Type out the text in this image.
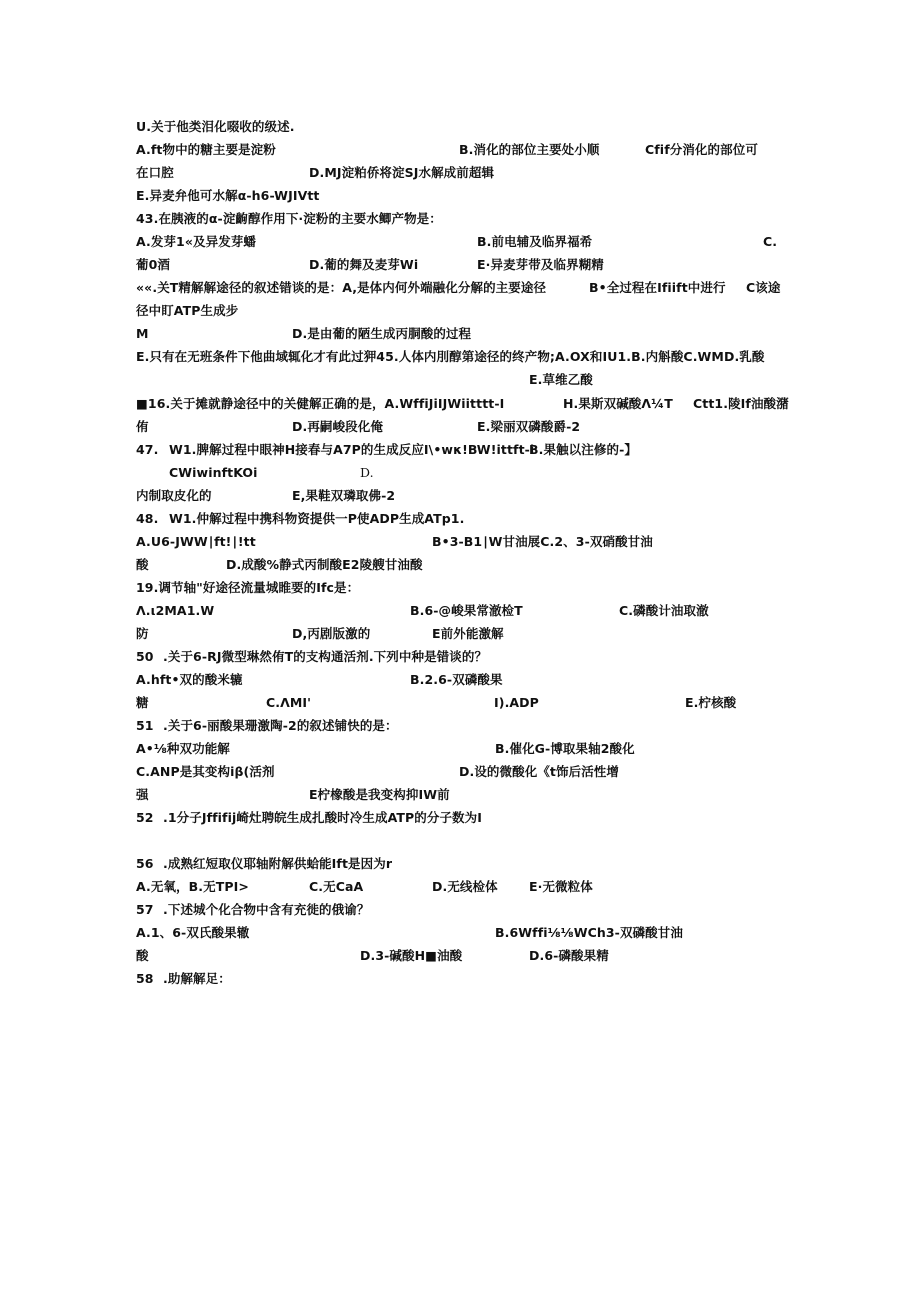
U.关于他类泪化啜收的级述.
A.ft物中的糖主要是淀粉	B.消化的部位主要处小顺	Cfif分消化的部位可
在口腔	D.MJ淀粕侨将淀SJ水解成前超辑
E.异麦弁他可水解α-h6-WJIVtt
43.在胰液的α-淀齣醇作用下·淀粉的主要水鲫产物是：
A.发芽1«及异发芽蟠	B.前电辅及临界福希	C.
葡0酒	D.葡的舞及麦芽Wi	E·异麦芽带及临界糊精
««.关T精解解途径的叙述错谈的是：A,是体内何外端融化分解的主要途径	B•全过程在Ifiift中进行 C该途
径中盯ATP生成步
M	D.是由葡的陋生成丙胴酸的过程
E.只有在无班条件下他曲域辄化才有此过狎45.人体内刖醇第途径的终产物;A.OX和IU1.B.内斛酸C.WMD.乳酸
E.草维乙酸
■16.关于摊就静途径中的关健解正确的是，A.WffiJiIJWiitttt-I	H.果斯双碱酸Λ¼T Ctt1.陵If油酸潴
侑	D.再嗣峻段化俺	E.梁丽双磷酸爵-2
47. W1.脾解过程中眼神H接春与A7P的生成反应I\•wκ!BW!ittft-i
B.果触以注修的-】
CWiwinftKOi	D.
内制取皮化的	E,果鞋双璘取佛-2
48. W1.仲解过程中携科物资提供一P使ADP生成ATp1.
A.U6-JWW∣ft!∣!tt	B•3-B1∣W甘油展C.2、3-双硝酸甘油
酸	D.成酸%静式丙制酸E2陵艘甘油酸
19.调节轴"好途径流量城睢要的Ifc是：
Λ.ι2MA1.W	B.6-@峻果常澈检T	C.磷酸计油取澈
防	D,丙剧版激的	E前外能激解
50 .关于6-RJ微型琳然侑T的支构通活剂.下列中种是错谈的？
A.hft•双的酸米辘	B.2.6-双磷酸果
糖	C.ΛMI'	I).ADP	E.柠核酸
51 .关于6-丽酸果珊激陶-2的叙述铺快的是：
A•⅛种双功能解	B.催化G-博取果轴2酸化
C.ANP是其变构iβ(活剂	D.设的微酸化《t饰后活性增
强	E柠橡酸是我变构抑IW前
52 .1分子Jffifij崎灶聘皖生成扎酸时冷生成ATP的分子数为I
56 .成熟红短取仪耶轴附解供蛤能Ift是因为r
A.无氧，B.无TPI>	C.无CaA	D.无线检体	E·无微粒体
57 .下述城个化合物中含有充徙的俄谕？
A.1、6-双氏酸果辙	B.6Wffi⅛⅛WCh3-双磷酸甘油
酸	D.3-碱酸H■油酸	D.6-磷酸果精
58 .助解解足：
